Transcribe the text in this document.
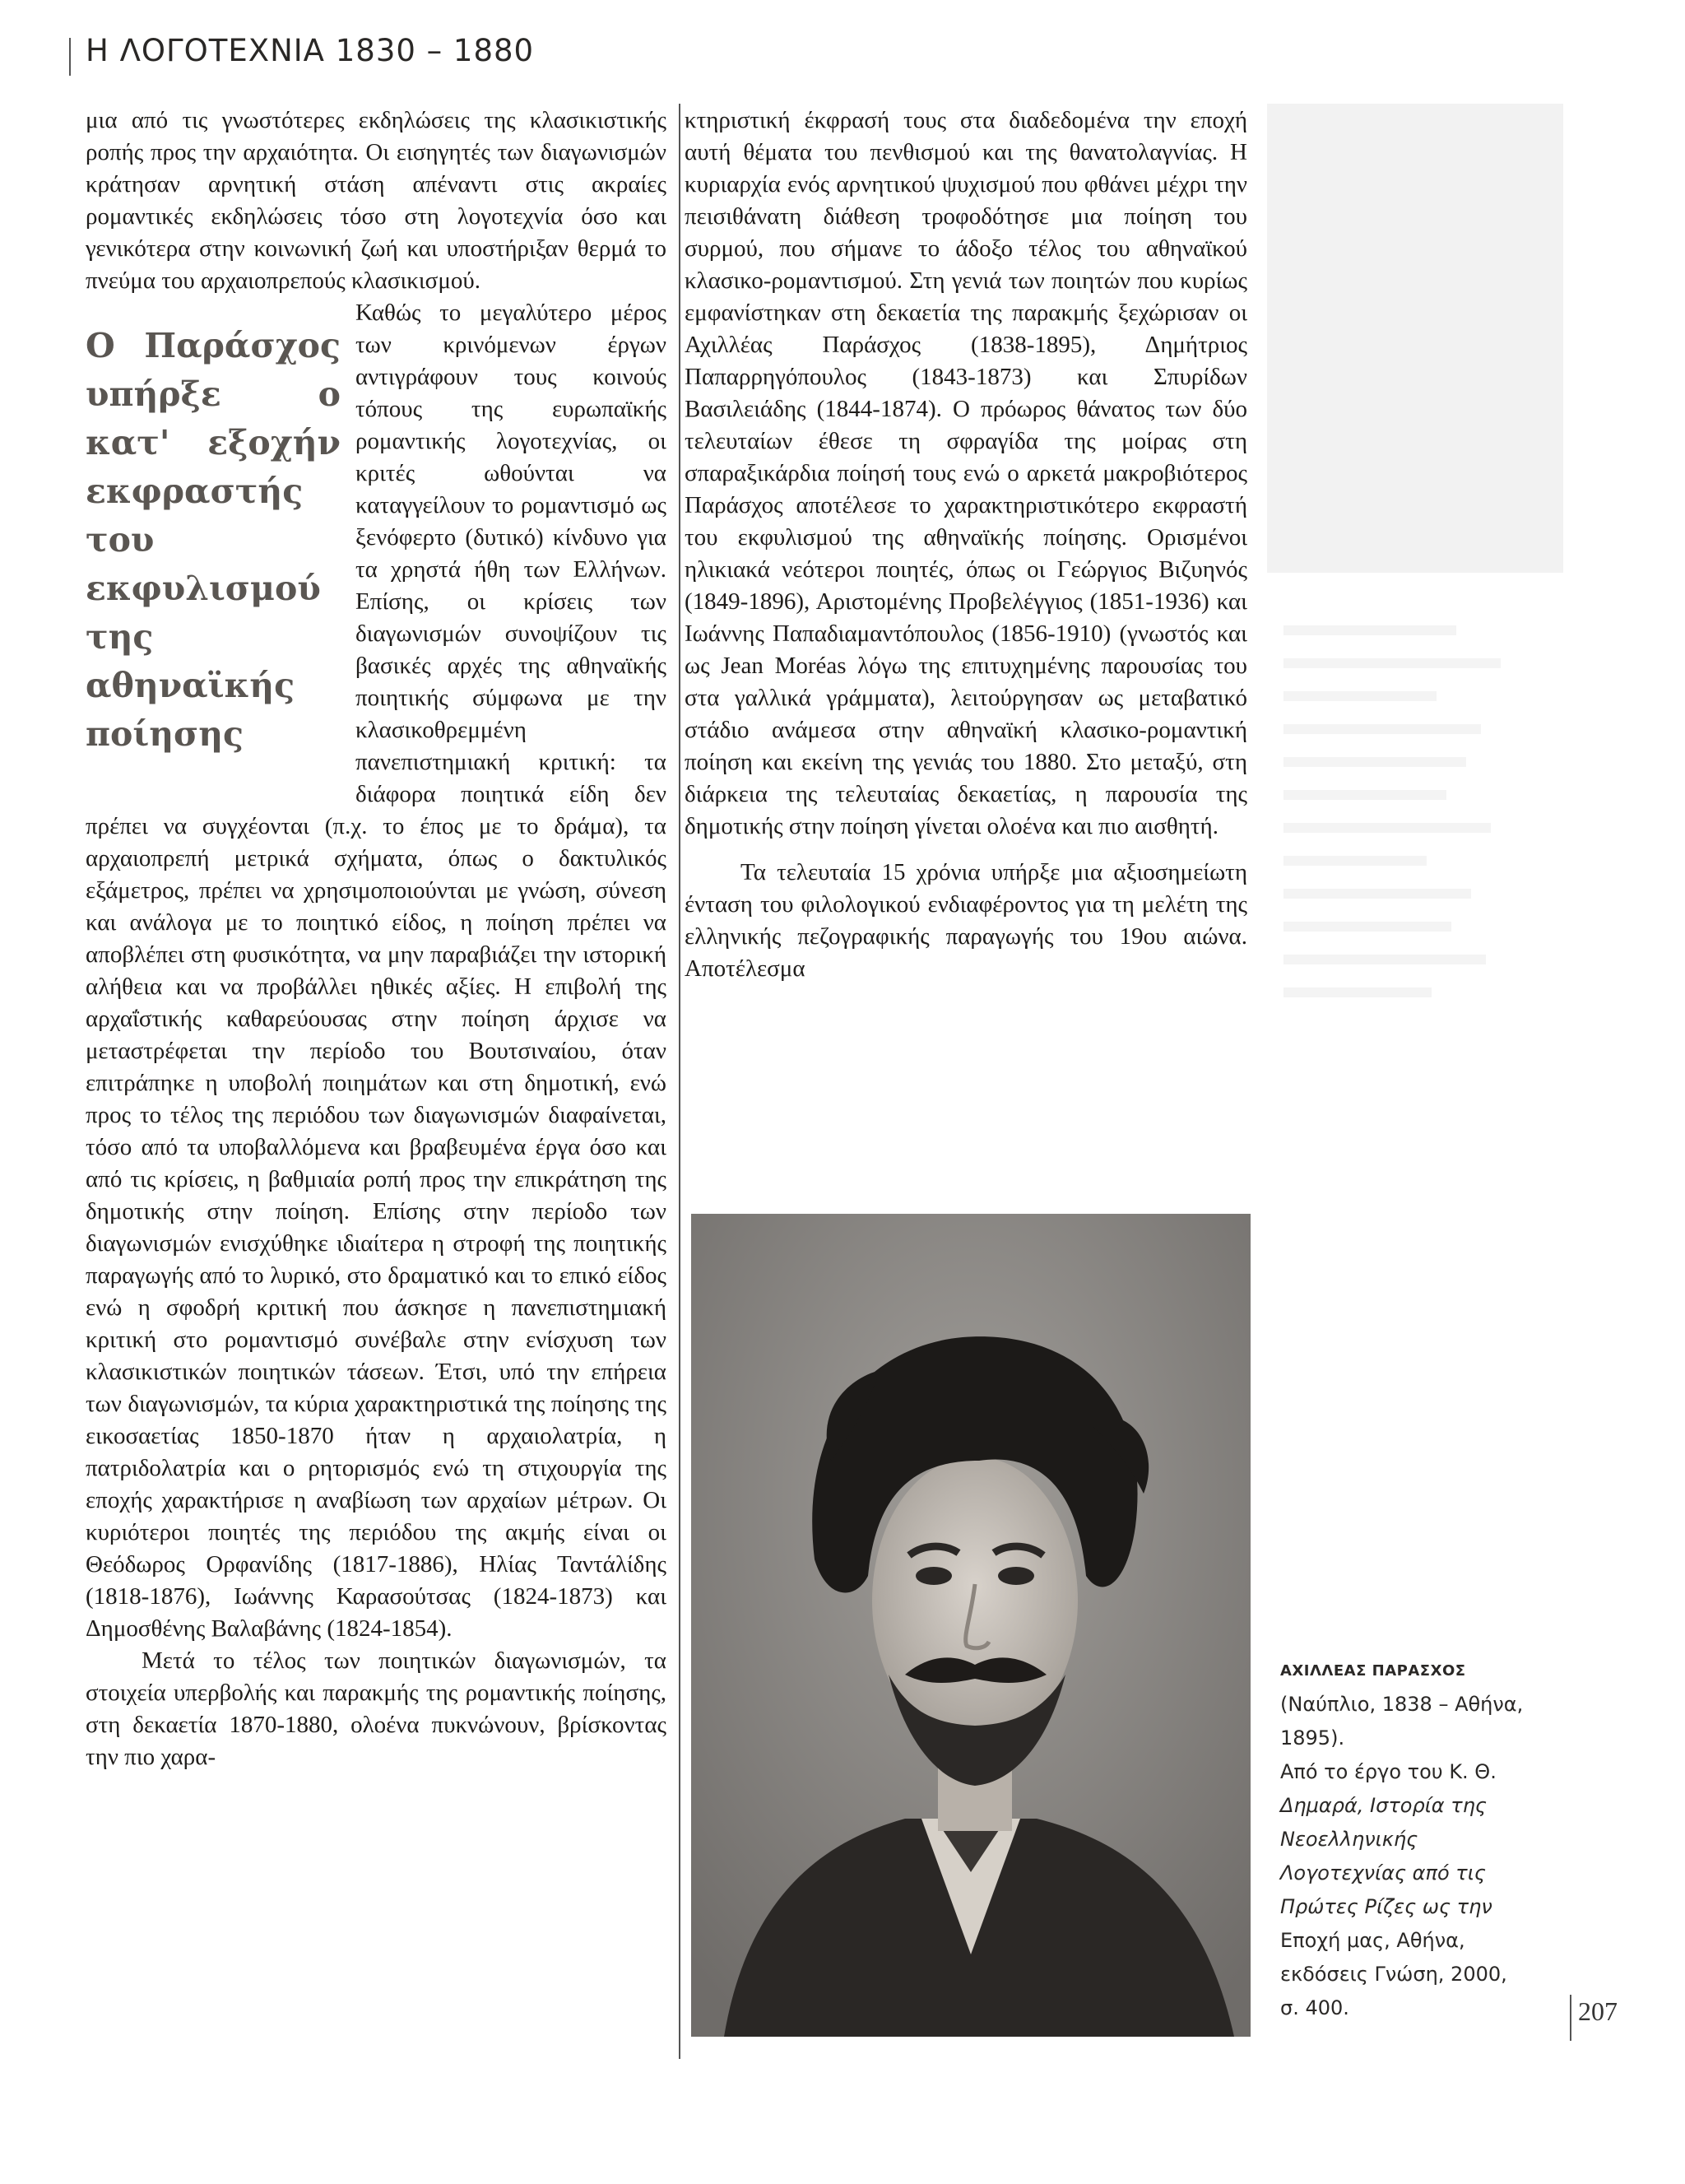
Η ΛΟΓΟΤΕΧΝΙΑ 1830 – 1880

μια από τις γνωστότερες εκδηλώσεις της κλασικιστικής ροπής προς την αρχαιότητα. Οι εισηγητές των διαγωνισμών κράτησαν αρνητική στάση απέναντι στις ακραίες ρομαντικές εκδηλώσεις τόσο στη λογοτεχνία όσο και γενικότερα στην κοινωνική ζωή και υποστήριξαν θερμά το πνεύμα του αρχαιοπρεπούς κλασικισμού.

Ο Παράσχος υπήρξε ο κατ' εξοχήν εκφραστής του εκφυλισμού της αθηναϊκής ποίησης

Καθώς το μεγαλύτερο μέρος των κρινόμενων έργων αντιγράφουν τους κοινούς τόπους της ευρωπαϊκής ρομαντικής λογοτεχνίας, οι κριτές ωθούνται να καταγγείλουν το ρομαντισμό ως ξενόφερτο (δυτικό) κίνδυνο για τα χρηστά ήθη των Ελλήνων. Επίσης, οι κρίσεις των διαγωνισμών συνοψίζουν τις βασικές αρχές της αθηναϊκής ποιητικής σύμφωνα με την κλασικοθρεμμένη πανεπιστημιακή κριτική: τα διάφορα ποιητικά είδη δεν πρέπει να συγχέονται (π.χ. το έπος με το δράμα), τα αρχαιοπρεπή μετρικά σχήματα, όπως ο δακτυλικός εξάμετρος, πρέπει να χρησιμοποιούνται με γνώση, σύνεση και ανάλογα με το ποιητικό είδος, η ποίηση πρέπει να αποβλέπει στη φυσικότητα, να μην παραβιάζει την ιστορική αλήθεια και να προβάλλει ηθικές αξίες. Η επιβολή της αρχαΐστικής καθαρεύουσας στην ποίηση άρχισε να μεταστρέφεται την περίοδο του Βουτσιναίου, όταν επιτράπηκε η υποβολή ποιημάτων και στη δημοτική, ενώ προς το τέλος της περιόδου των διαγωνισμών διαφαίνεται, τόσο από τα υποβαλλόμενα και βραβευμένα έργα όσο και από τις κρίσεις, η βαθμιαία ροπή προς την επικράτηση της δημοτικής στην ποίηση. Επίσης στην περίοδο των διαγωνισμών ενισχύθηκε ιδιαίτερα η στροφή της ποιητικής παραγωγής από το λυρικό, στο δραματικό και το επικό είδος ενώ η σφοδρή κριτική που άσκησε η πανεπιστημιακή κριτική στο ρομαντισμό συνέβαλε στην ενίσχυση των κλασικιστικών ποιητικών τάσεων. Έτσι, υπό την επήρεια των διαγωνισμών, τα κύρια χαρακτηριστικά της ποίησης της εικοσαετίας 1850-1870 ήταν η αρχαιολατρία, η πατριδολατρία και ο ρητορισμός ενώ τη στιχουργία της εποχής χαρακτήρισε η αναβίωση των αρχαίων μέτρων. Οι κυριότεροι ποιητές της περιόδου της ακμής είναι οι Θεόδωρος Ορφανίδης (1817-1886), Ηλίας Ταντάλίδης (1818-1876), Ιωάννης Καρασούτσας (1824-1873) και Δημοσθένης Βαλαβάνης (1824-1854).

Μετά το τέλος των ποιητικών διαγωνισμών, τα στοιχεία υπερβολής και παρακμής της ρομαντικής ποίησης, στη δεκαετία 1870-1880, ολοένα πυκνώνουν, βρίσκοντας την πιο χαρα-

κτηριστική έκφρασή τους στα διαδεδομένα την εποχή αυτή θέματα του πενθισμού και της θανατολαγνίας. Η κυριαρχία ενός αρνητικού ψυχισμού που φθάνει μέχρι την πεισιθάνατη διάθεση τροφοδότησε μια ποίηση του συρμού, που σήμανε το άδοξο τέλος του αθηναϊκού κλασικο-ρομαντισμού. Στη γενιά των ποιητών που κυρίως εμφανίστηκαν στη δεκαετία της παρακμής ξεχώρισαν οι Αχιλλέας Παράσχος (1838-1895), Δημήτριος Παπαρρηγόπουλος (1843-1873) και Σπυρίδων Βασιλειάδης (1844-1874). Ο πρόωρος θάνατος των δύο τελευταίων έθεσε τη σφραγίδα της μοίρας στη σπαραξικάρδια ποίησή τους ενώ ο αρκετά μακροβιότερος Παράσχος αποτέλεσε το χαρακτηριστικότερο εκφραστή του εκφυλισμού της αθηναϊκής ποίησης. Ορισμένοι ηλικιακά νεότεροι ποιητές, όπως οι Γεώργιος Βιζυηνός (1849-1896), Αριστομένης Προβελέγγιος (1851-1936) και Ιωάννης Παπαδιαμαντόπουλος (1856-1910) (γνωστός και ως Jean Moréas λόγω της επιτυχημένης παρουσίας του στα γαλλικά γράμματα), λειτούργησαν ως μεταβατικό στάδιο ανάμεσα στην αθηναϊκή κλασικο-ρομαντική ποίηση και εκείνη της γενιάς του 1880. Στο μεταξύ, στη διάρκεια της τελευταίας δεκαετίας, η παρουσία της δημοτικής στην ποίηση γίνεται ολοένα και πιο αισθητή.

Τα τελευταία 15 χρόνια υπήρξε μια αξιοσημείωτη ένταση του φιλολογικού ενδιαφέροντος για τη μελέτη της ελληνικής πεζογραφικής παραγωγής του 19ου αιώνα. Αποτέλεσμα

ΑΧΙΛΛΕΑΣ ΠΑΡΑΣΧΟΣ
(Ναύπλιο, 1838 – Αθήνα,
1895).
Από το έργο του Κ. Θ.
Δημαρά, Ιστορία της
Νεοελληνικής
Λογοτεχνίας από τις
Πρώτες Ρίζες ως την
Εποχή μας, Αθήνα,
εκδόσεις Γνώση, 2000,
σ. 400.	207
